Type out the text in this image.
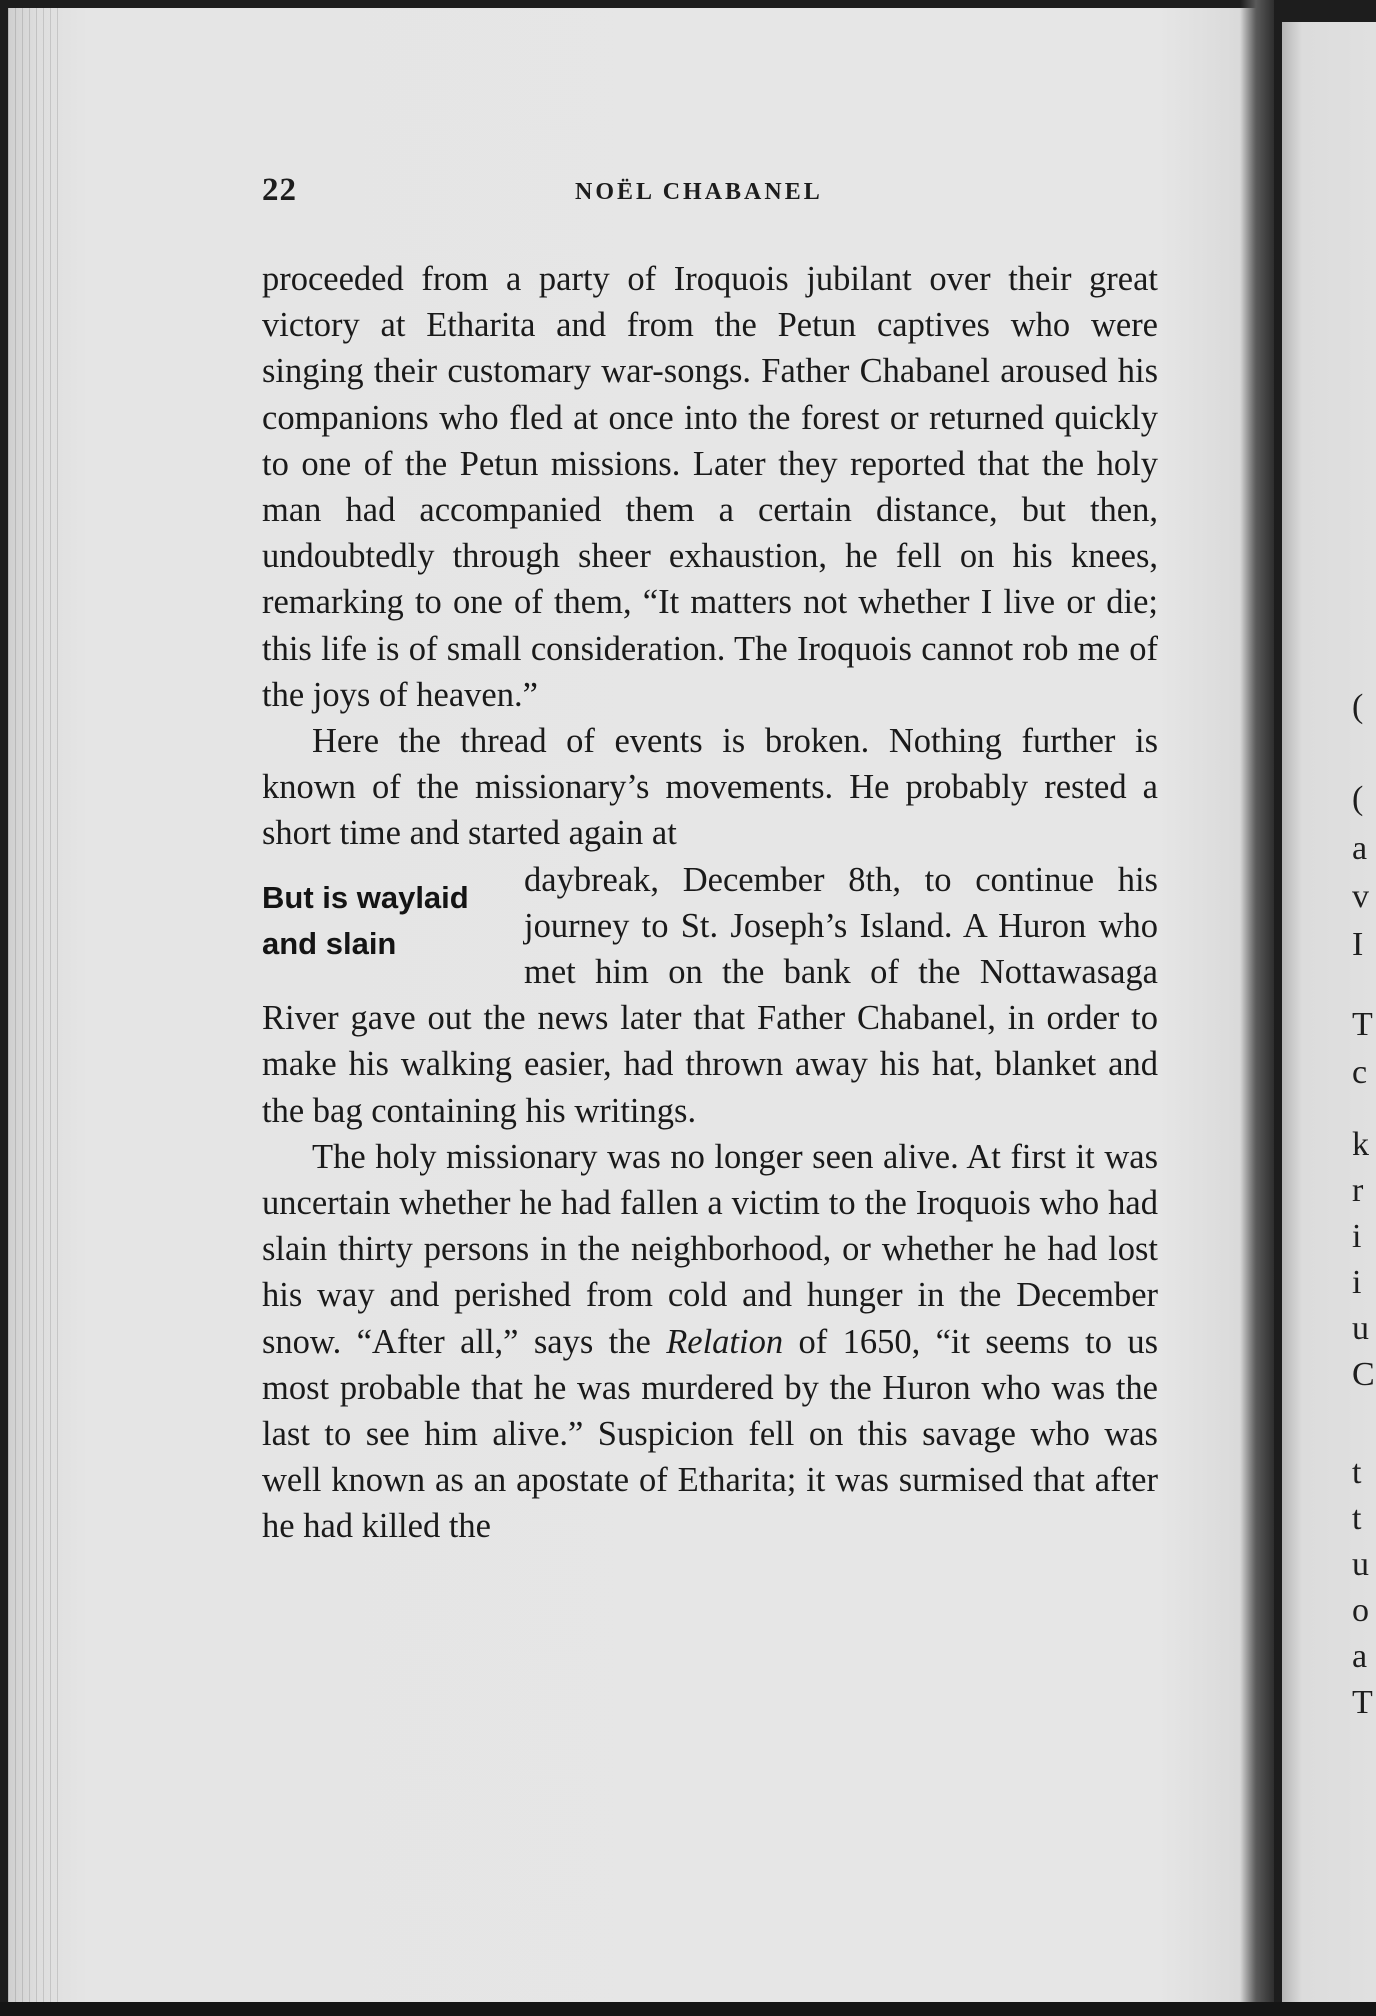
22	NOËL CHABANEL

proceeded from a party of Iroquois jubilant over their great victory at Etharita and from the Petun captives who were singing their customary war-songs. Father Chabanel aroused his companions who fled at once into the forest or returned quickly to one of the Petun missions. Later they reported that the holy man had accompanied them a certain distance, but then, undoubtedly through sheer exhaustion, he fell on his knees, remarking to one of them, “It matters not whether I live or die; this life is of small consideration. The Iroquois cannot rob me of the joys of heaven.”

Here the thread of events is broken. Nothing further is known of the missionary’s movements. He probably rested a short time and started again at

But is waylaid
and slain

daybreak, December 8th, to continue his journey to St. Joseph’s Island. A Huron who met him on the bank of the Nottawasaga River gave out the news later that Father Chabanel, in order to make his walking easier, had thrown away his hat, blanket and the bag containing his writings.

The holy missionary was no longer seen alive. At first it was uncertain whether he had fallen a victim to the Iroquois who had slain thirty persons in the neighborhood, or whether he had lost his way and perished from cold and hunger in the December snow. “After all,” says the Relation of 1650, “it seems to us most probable that he was murdered by the Huron who was the last to see him alive.” Suspicion fell on this savage who was well known as an apostate of Etharita; it was surmised that after he had killed the

(
(
a
v
I
T
c
k
r
i
i
u
C
t
t
u
o
a
T
